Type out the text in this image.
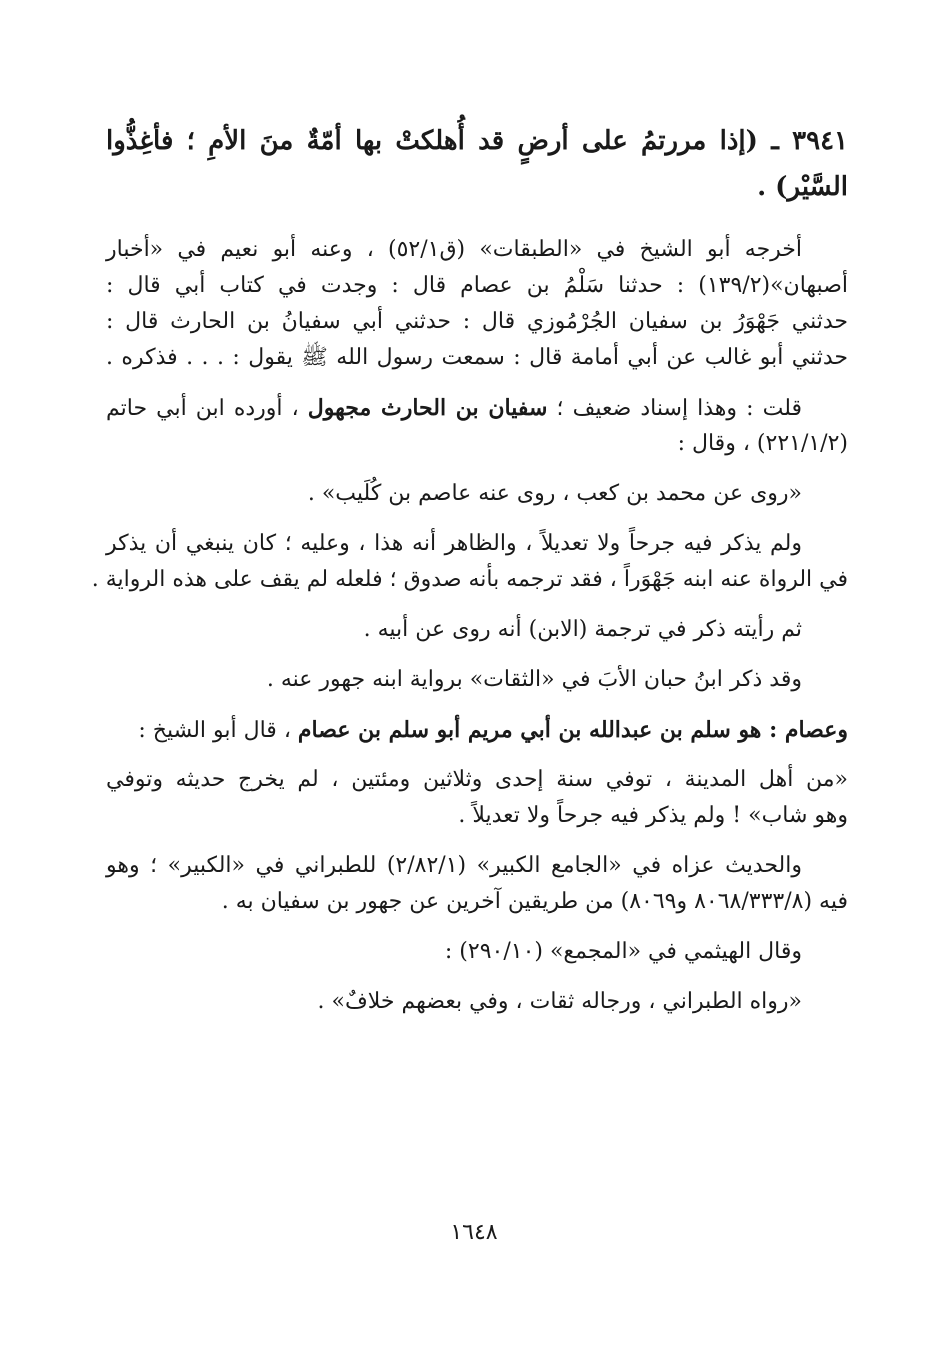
٣٩٤١ ـ (إذا مررتمُ على أرضٍ قد أُهلكتْ بها أمّةٌ منَ الأمِ ؛ فأغِذُّوا
السَّيْر) .
أخرجه أبو الشيخ في «الطبقات» (ق٥٢/١) ، وعنه أبو نعيم في «أخبار
أصبهان»(١٣٩/٢) : حدثنا سَلْمُ بن عصام قال : وجدت في كتاب أبي قال :
حدثني جَهْوَرُ بن سفيان الجُرْمُوزي قال : حدثني أبي سفيانُ بن الحارث قال :
حدثني أبو غالب عن أبي أمامة قال : سمعت رسول الله ﷺ يقول : . . . فذكره .
قلت : وهذا إسناد ضعيف ؛ سفيان بن الحارث مجهول ، أورده ابن أبي حاتم
(٢٢١/١/٢) ، وقال :
«روى عن محمد بن كعب ، روى عنه عاصم بن كُلَيب» .
ولم يذكر فيه جرحاً ولا تعديلاً ، والظاهر أنه هذا ، وعليه ؛ كان ينبغي أن يذكر
في الرواة عنه ابنه جَهْوَراً ، فقد ترجمه بأنه صدوق ؛ فلعله لم يقف على هذه الرواية .
ثم رأيته ذكر في ترجمة (الابن) أنه روى عن أبيه .
وقد ذكر ابنُ حبان الأبَ في «الثقات» برواية ابنه جهور عنه .
وعصام : هو سلم بن عبدالله بن أبي مريم أبو سلم بن عصام ، قال أبو الشيخ :
«من أهل المدينة ، توفي سنة إحدى وثلاثين ومئتين ، لم يخرج حديثه وتوفي
وهو شاب» ! ولم يذكر فيه جرحاً ولا تعديلاً .
والحديث عزاه في «الجامع الكبير» (٢/٨٢/١) للطبراني في «الكبير» ؛ وهو
فيه (٨٠٦٨/٣٣٣/٨ و٨٠٦٩) من طريقين آخرين عن جهور بن سفيان به .
وقال الهيثمي في «المجمع» (٢٩٠/١٠) :
«رواه الطبراني ، ورجاله ثقات ، وفي بعضهم خلافٌ» .
١٦٤٨
